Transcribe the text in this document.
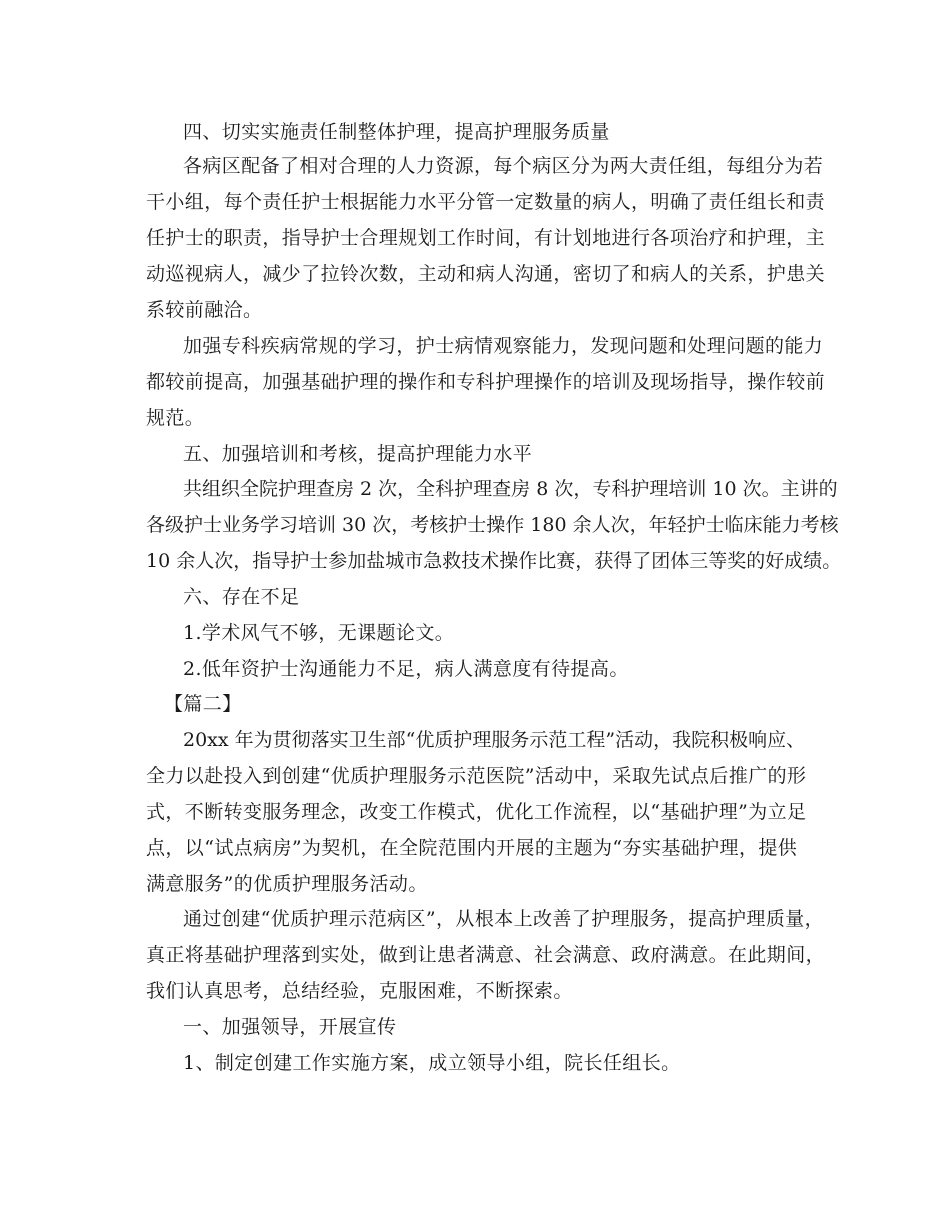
四、切实实施责任制整体护理，提高护理服务质量
各病区配备了相对合理的人力资源，每个病区分为两大责任组，每组分为若
干小组，每个责任护士根据能力水平分管一定数量的病人，明确了责任组长和责
任护士的职责，指导护士合理规划工作时间，有计划地进行各项治疗和护理，主
动巡视病人，减少了拉铃次数，主动和病人沟通，密切了和病人的关系，护患关
系较前融洽。
加强专科疾病常规的学习，护士病情观察能力，发现问题和处理问题的能力
都较前提高，加强基础护理的操作和专科护理操作的培训及现场指导，操作较前
规范。
五、加强培训和考核，提高护理能力水平
共组织全院护理查房 2 次，全科护理查房 8 次，专科护理培训 10 次。主讲的
各级护士业务学习培训 30 次，考核护士操作 180 余人次，年轻护士临床能力考核
10 余人次，指导护士参加盐城市急救技术操作比赛，获得了团体三等奖的好成绩。
六、存在不足
1.学术风气不够，无课题论文。
2.低年资护士沟通能力不足，病人满意度有待提高。
【篇二】
20xx 年为贯彻落实卫生部“优质护理服务示范工程”活动，我院积极响应、
全力以赴投入到创建“优质护理服务示范医院”活动中，采取先试点后推广的形
式，不断转变服务理念，改变工作模式，优化工作流程，以“基础护理”为立足
点，以“试点病房”为契机，在全院范围内开展的主题为“夯实基础护理，提供
满意服务”的优质护理服务活动。
通过创建“优质护理示范病区”，从根本上改善了护理服务，提高护理质量，
真正将基础护理落到实处，做到让患者满意、社会满意、政府满意。在此期间，
我们认真思考，总结经验，克服困难，不断探索。
一、加强领导，开展宣传
1、制定创建工作实施方案，成立领导小组，院长任组长。
